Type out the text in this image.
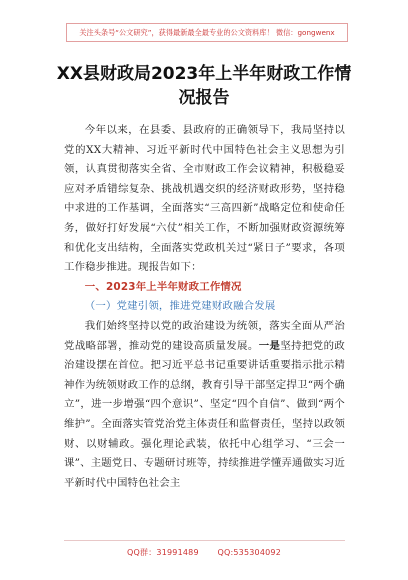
关注头条号“公文研究”，获得最新最全最专业的公文资料库！ 微信：gongwenx
XX县财政局2023年上半年财政工作情况报告

今年以来，在县委、县政府的正确领导下，我局坚持以党的XX大精神、习近平新时代中国特色社会主义思想为引领，认真贯彻落实全省、全市财政工作会议精神，积极稳妥应对矛盾错综复杂、挑战机遇交织的经济财政形势，坚持稳中求进的工作基调，全面落实“三高四新”战略定位和使命任务，做好打好发展“六仗”相关工作，不断加强财政资源统筹和优化支出结构，全面落实党政机关过“紧日子”要求，各项工作稳步推进。现报告如下：

一、2023年上半年财政工作情况

（一）党建引领，推进党建财政融合发展

我们始终坚持以党的政治建设为统领，落实全面从严治党战略部署，推动党的建设高质量发展。一是坚持把党的政治建设摆在首位。把习近平总书记重要讲话重要指示批示精神作为统领财政工作的总纲，教育引导干部坚定捍卫“两个确立”，进一步增强“四个意识”、坚定“四个自信”、做到“两个维护”。全面落实管党治党主体责任和监督责任，坚持以政领财、以财辅政。强化理论武装，依托中心组学习、“三会一课”、主题党日、专题研讨班等，持续推进学懂弄通做实习近平新时代中国特色社会主

QQ群：31991489 QQ:535304092
